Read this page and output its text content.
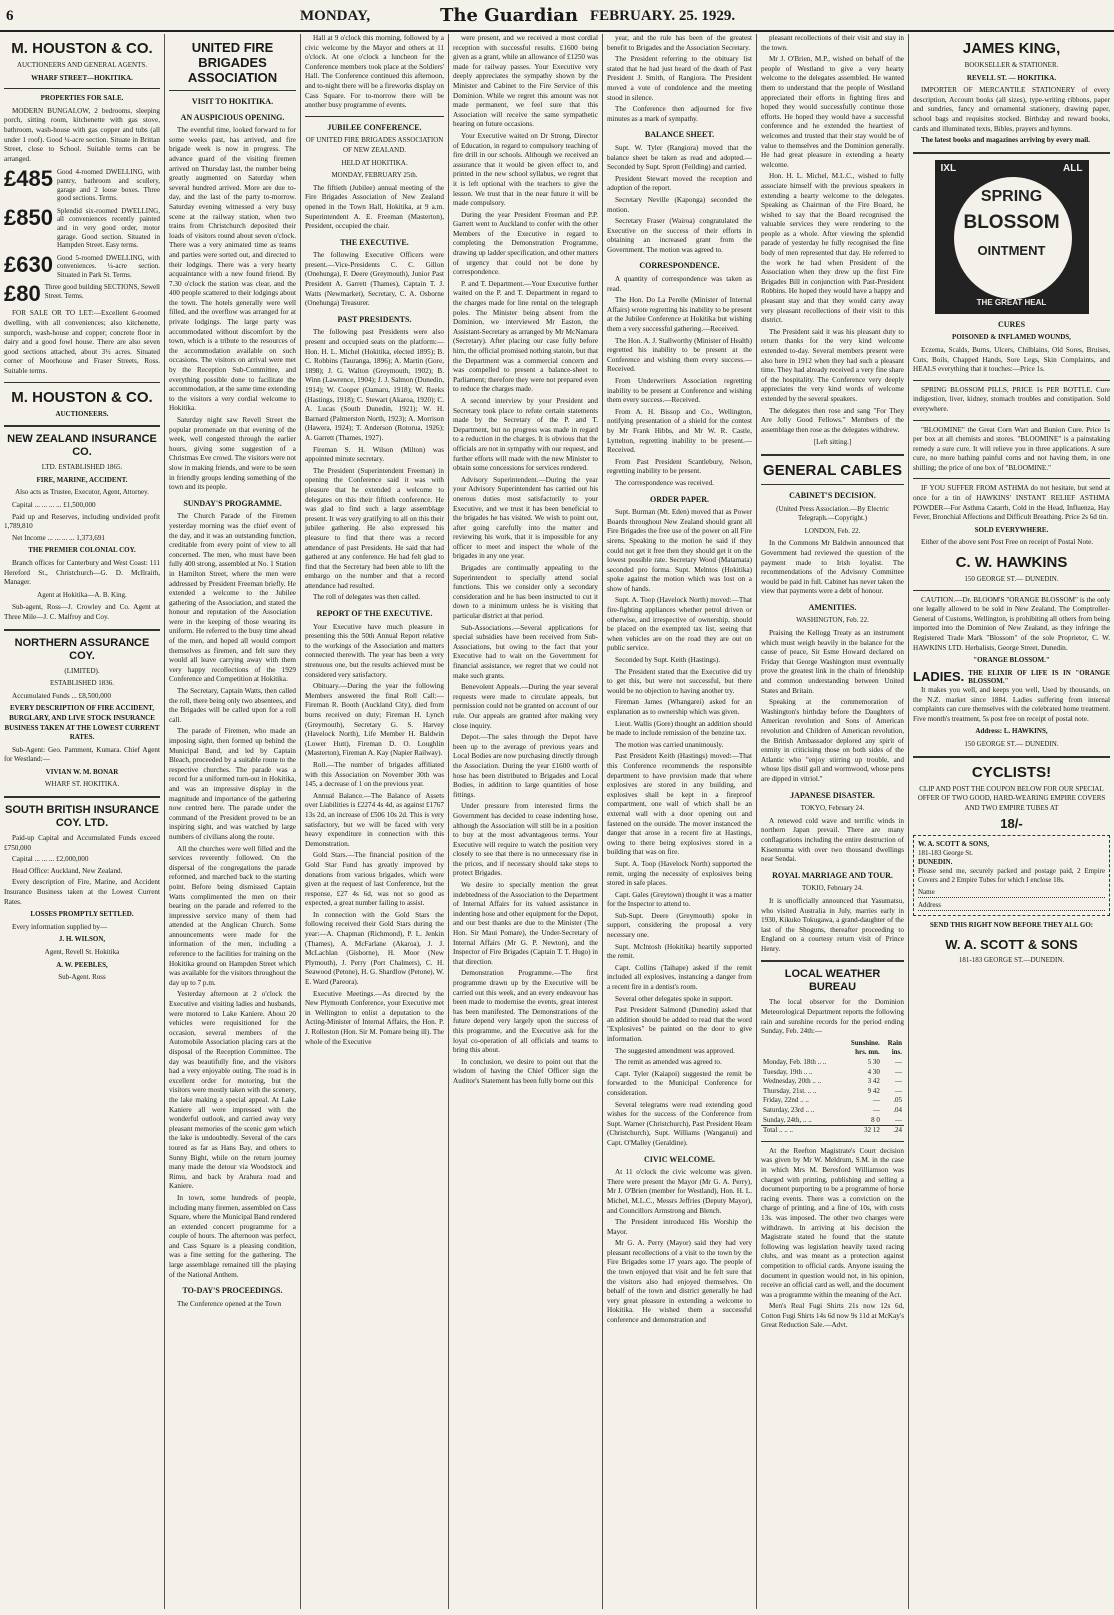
6	MONDAY,	The Guardian FEBRUARY. 25. 1929.
M. HOUSTON & CO.
AUCTIONEERS AND GENERAL AGENTS.
WHARF STREET—HOKITIKA.
PROPERTIES FOR SALE.

MODERN BUNGALOW, 2 bedrooms, sleeping porch, sitting room, kitchenette with gas stove, bathroom, wash-house with gas copper and tubs (all under 1 roof). Good ¼-acre section. Situate in Brittan Street, close to School. Suitable terms can be arranged.

£485 Good 4-roomed DWELLING, with pantry, bathroom and scullery, garage and 2 loose boxes. Three good sections. Terms.
£850 Splendid six-roomed DWELLING, all conveniences recently painted and in very good order, motor garage. Good section. Situated in Hampden Street. Easy terms.
£630 Good 5-roomed DWELLING, with conveniences. ¼-acre section. Situated in Park St. Terms.
£80 Three good building SECTIONS, Sewell Street. Terms.

FOR SALE OR TO LET:—Excellent 6-roomed dwelling, with all conveniences; also kitchenette, sunporch, wash-house and copper; concrete floor in dairy and a good fowl house. There are also seven good sections attached, about 3½ acres. Situated corner of Moorhouse and Fraser Streets, Ross. Suitable terms.

M. HOUSTON & CO.
AUCTIONEERS.
NEW ZEALAND INSURANCE CO.
LTD. ESTABLISHED 1865.
FIRE, MARINE, ACCIDENT.
Also acts as Trustee, Executor, Agent, Attorney.

Capital ... ... ... ... £1,500,000

Paid up and Reserves, including undivided profit 1,789,810

Net Income ... ... ... ... 1,373,691

THE PREMIER COLONIAL COY.

Branch offices for Canterbury and West Coast: 111 Hereford St., Christchurch—G. D. McIlraith, Manager.

Agent at Hokitika—A. B. King.

Sub-agent, Ross—J. Crowley and Co. Agent at Three Mile—J. C. Malfroy and Coy.

NORTHERN ASSURANCE COY.
(LIMITED).
ESTABLISHED 1836.

Accumulated Funds ... £8,500,000

EVERY DESCRIPTION OF FIRE ACCIDENT, BURGLARY, AND LIVE STOCK INSURANCE BUSINESS TAKEN AT THE LOWEST CURRENT RATES.

Sub-Agent: Geo. Pamment, Kumara. Chief Agent for Westland:—

VIVIAN W. M. BONAR
WHARF ST. HOKITIKA.
SOUTH BRITISH INSURANCE COY. LTD.

Paid-up Capital and Accumulated Funds exceed £750,000

Capital ... ... ... £2,000,000

Head Office: Auckland, New Zealand.

Every description of Fire, Marine, and Accident Insurance Business taken at the Lowest Current Rates.

LOSSES PROMPTLY SETTLED.

Every information supplied by—

J. H. WILSON,
Agent, Revell St. Hokitika
A. W. PEEBLES,
Sub-Agent. Ross
UNITED FIRE BRIGADES ASSOCIATION
VISIT TO HOKITIKA.
AN AUSPICIOUS OPENING.

The eventful time, looked forward to for some weeks past, has arrived, and fire brigade week is now in progress. The advance guard of the visiting firemen arrived on Thursday last, the number being greatly augmented on Saturday when several hundred arrived. More are due to-day, and the last of the party to-morrow. Saturday evening witnessed a very busy scene at the railway station, when two trains from Christchurch deposited their loads of visitors round about seven o'clock. There was a very animated time as teams and parties were sorted out, and directed to their lodgings. There was a very hearty acquaintance with a new found friend. By 7.30 o'clock the station was clear, and the 400 people scattered to their lodgings about the town. The hotels generally were well filled, and the overflow was arranged for at private lodgings. The large party was accommodated without discomfort by the town, which is a tribute to the resources of the accommodation available on such occasions. The visitors on arrival were met by the Reception Sub-Committee, and everything possible done to facilitate the accommodation, at the same time extending to the visitors a very cordial welcome to Hokitika.

Saturday night saw Revell Street the popular promenade on that evening of the week, well congested through the earlier hours, giving some suggestion of a Christmas Eve crowd. The visitors were not slow in making friends, and were to be seen in friendly groups lending something of the town and its people.

SUNDAY'S PROGRAMME.

The Church Parade of the Firemen yesterday morning was the chief event of the day, and it was an outstanding function, creditable from every point of view to all concerned. The men, who must have been fully 400 strong, assembled at No. 1 Station in Hamilton Street, where the men were addressed by President Freeman briefly. He extended a welcome to the Jubilee gathering of the Association, and stated the honour and reputation of the Association were in the keeping of those wearing its uniform. He referred to the busy time ahead of the men, and hoped all would comport themselves as firemen, and felt sure they would all leave carrying away with them very happy recollections of the 1929 Conference and Competition at Hokitika.

The Secretary, Captain Watts, then called the roll, there being only two absentees, and the Brigades will be called upon for a roll call.

The parade of Firemen, who made an imposing sight, then formed up behind the Municipal Band, and led by Captain Bleach, proceeded by a suitable route to the respective churches. The parade was a record for a uniformed turn-out in Hokitika, and was an impressive display in the magnitude and importance of the gathering now centred here. The parade under the command of the President proved to be an inspiring sight, and was watched by large numbers of civilians along the route.

All the churches were well filled and the services reverently followed. On the dispersal of the congregations the parade reformed, and marched back to the starting point. Before being dismissed Captain Watts complimented the men on their bearing on the parade and referred to the impressive service many of them had attended at the Anglican Church. Some announcements were made for the information of the men, including a reference to the facilities for training on the Hokitika ground on Hampden Street which was available for the visitors throughout the day up to 7 p.m.

Yesterday afternoon at 2 o'clock the Executive and visiting ladies and husbands, were motored to Lake Kaniere. About 20 vehicles were requisitioned for the occasion, several members of the Automobile Association placing cars at the disposal of the Reception Committee. The day was beautifully fine, and the visitors had a very enjoyable outing. The road is in excellent order for motoring, but the visitors were mostly taken with the scenery, the lake making a special appeal. At Lake Kaniere all were impressed with the wonderful outlook, and carried away very pleasant memories of the scenic gem which the lake is undoubtedly. Several of the cars toured as far as Hans Bay, and others to Sunny Bight, while on the return journey many made the detour via Woodstock and Rimu, and back by Arahura road and Kaniere.

In town, some hundreds of people, including many firemen, assembled on Cass Square, where the Municipal Band rendered an extended concert programme for a couple of hours. The afternoon was perfect, and Cass Square is a pleasing condition, was a fine setting for the gathering. The large assemblage remained till the playing of the National Anthem.

TO-DAY'S PROCEEDINGS.

The Conference opened at the Town

Hall at 9 o'clock this morning, followed by a civic welcome by the Mayor and others at 11 o'clock. At one o'clock a luncheon for the Conference members took place at the Soldiers' Hall. The Conference continued this afternoon, and to-night there will be a fireworks display on Cass Square. For to-morrow there will be another busy programme of events.

JUBILEE CONFERENCE.
OF UNITED FIRE BRIGADES ASSOCIATION OF NEW ZEALAND.
HELD AT HOKITIKA.
MONDAY, FEBRUARY 25th.

The fiftieth (Jubilee) annual meeting of the Fire Brigades Association of New Zealand opened in the Town Hall, Hokitika, at 9 a.m. Superintendent A. E. Freeman (Masterton), President, occupied the chair.

THE EXECUTIVE.

The following Executive Officers were present.—Vice-Presidents C. C. Gillon (Onehunga), F. Deere (Greymouth), Junior Past President A. Garrett (Thames), Captain T. J. Watts (Newmarket), Secretary, C. A. Osborne (Onehunga) Treasurer.

PAST PRESIDENTS.

The following past Presidents were also present and occupied seats on the platform:—Hon. H. L. Michel (Hokitika, elected 1895); B. C. Robbins (Tauranga, 1896); A. Martin (Gore, 1898); J. G. Walton (Greymouth, 1902); B. Winn (Lawrence, 1904); J. J. Salmon (Dunedin, 1914); W. Cooper (Oamaru, 1918); W. Reeks (Hastings, 1918); C. Stewart (Akaroa, 1920); C. A. Lucas (South Dunedin, 1921); W. H. Barnard (Palmerston North, 1923); A. Morrison (Hawera, 1924); T. Anderson (Rotorua, 1926); A. Garrett (Thames, 1927).

Fireman S. H. Wilson (Milton) was appointed minute secretary.

The President (Superintendent Freeman) in opening the Conference said it was with pleasure that he extended a welcome to delegates on this their fiftieth conference. He was glad to find such a large assemblage present. It was very gratifying to all on this their jubilee gathering. He also expressed his pleasure to find that there was a record attendance of past Presidents. He said that had gathered at any conference. He had felt glad to find that the Secretary had been able to lift the embargo on the number and that a record attendance had resulted.

The roll of delegates was then called.

REPORT OF THE EXECUTIVE.

Your Executive have much pleasure in presenting this the 50th Annual Report relative to the workings of the Association and matters connected therewith. The year has been a very strenuous one, but the results achieved must be considered very satisfactory.

Obituary.—During the year the following Members answered the final Roll Call:—Fireman R. Booth (Auckland City), died from burns received on duty; Fireman H. Lynch (Greymouth), Secretary G. S. Harvey (Havelock North), Life Member H. Baldwin (Lower Hutt), Fireman D. O. Loughlin (Masterton), Fireman A. Kay (Napier Railway).

Roll.—The number of brigades affiliated with this Association on November 30th was 145, a decrease of 1 on the previous year.

Annual Balance.—The Balance of Assets over Liabilities is £2274 4s 4d, as against £1767 13s 2d, an increase of £506 10s 2d. This is very satisfactory, but we will be faced with very heavy expenditure in connection with this Demonstration.

Gold Stars.—The financial position of the Gold Star Fund has greatly improved by donations from various brigades, which were given at the request of last Conference, but the response, £27 4s 6d, was not so good as expected, a great number failing to assist.

In connection with the Gold Stars the following received their Gold Stars during the year:—A. Chapman (Richmond), P. L. Jenkin (Thames), A. McFarlane (Akaroa), J. J. McLachlan (Gisborne), H. Moor (New Plymouth), J. Perry (Port Chalmers), C. H. Seawood (Petone), H. G. Shardlow (Petone), W. E. Ward (Pareora).

Executive Meetings.—As directed by the New Plymouth Conference, your Executive met in Wellington to enlist a deputation to the Acting-Minister of Internal Affairs, the Hon. P. J. Rolleston (Hon. Sir M. Pomare being ill). The whole of the Executive

were present, and we received a most cordial reception with successful results. £1600 being given as a grant, while an allowance of £1250 was made for railway passes. Your Executive very deeply appreciates the sympathy shown by the Minister and Cabinet to the Fire Service of this Dominion. While we regret this amount was not made permanent, we feel sure that this Association will receive the same sympathetic hearing on future occasions.

Your Executive waited on Dr Strong, Director of Education, in regard to compulsory teaching of fire drill in our schools. Although we received an assurance that it would be given effect to, and printed in the new school syllabus, we regret that it is left optional with the teachers to give the lesson. We trust that in the near future it will be made compulsory.

During the year President Freeman and P.P. Garrett went to Auckland to confer with the other Members of the Executive in regard to completing the Demonstration Programme, drawing up ladder specification, and other matters of urgency that could not be done by correspondence.

P. and T. Department.—Your Executive further waited on the P. and T. Department in regard to the charges made for line rental on the telegraph poles. The Minister being absent from the Dominion, we interviewed Mr Easton, the Assistant-Secretary as arranged by Mr McNamara (Secretary). After placing our case fully before him, the official promised nothing statoin, but that the Department was a commercial concern and was compelled to present a balance-sheet to Parliament; therefore they were not prepared even to reduce the charges made.

A second interview by your President and Secretary took place to refute certain statements made by the Secretary of the P. and T. Department, but no progress was made in regard to a reduction in the charges. It is obvious that the officials are not in sympathy with our request, and further efforts will made with the new Minister to obtain some concessions for services rendered.

Advisory Superintendent.—During the year your Advisory Superintendent has carried out his onerous duties most satisfactorily to your Executive, and we trust it has been beneficial to the brigades he has visited. We wish to point out, after going carefully into the matter and reviewing his work, that it is impossible for any officer to meet and inspect the whole of the brigades in any one year.

Brigades are continually appealing to the Superintendent to specially attend social functions. This we consider only a secondary consideration and he has been instructed to cut it down to a minimum unless he is visiting that particular district at that period.

Sub-Associations.—Several applications for special subsidies have been received from Sub-Associations, but owing to the fact that your Executive had to wait on the Government for financial assistance, we regret that we could not make such grants.

Benevolent Appeals.—During the year several requests were made to circulate appeals, but permission could not be granted on account of our rule. Our appeals are granted after making very close inquiry.

Depot.—The sales through the Depot have been up to the average of previous years and Local Bodies are now purchasing directly through the Association. During the year £1600 worth of hose has been distributed to Brigades and Local Bodies, in addition to large quantities of hose fittings.

Under pressure from interested firms the Government has decided to cease indenting hose, although the Association will still be in a position to buy at the most advantageous terms. Your Executive will require to watch the position very closely to see that there is no unnecessary rise in the prices, and if necessary should take steps to protect Brigades.

We desire to specially mention the great indebtedness of the Association to the Department of Internal Affairs for its valued assistance in indenting hose and other equipment for the Depot, and our best thanks are due to the Minister (The Hon. Sir Maui Pomare), the Under-Secretary of Internal Affairs (Mr G. P. Newton), and the Inspector of Fire Brigades (Captain T. T. Hugo) in that direction.

Demonstration Programme.—The first programme drawn up by the Executive will be carried out this week, and an every endeavour has been made to modernise the events, great interest has been manifested. The Demonstrations of the future depend very largely upon the success of this programme, and the Executive ask for the loyal co-operation of all officials and teams to bring this about.

In conclusion, we desire to point out that the wisdom of having the Chief Officer sign the Auditor's Statement has been fully borne out this

year, and the rule has been of the greatest benefit to Brigades and the Association Secretary.

The President referring to the obituary list stated that he had just heard of the death of Past President J. Smith, of Rangiora. The President moved a vote of condolence and the meeting stood in silence.

The Conference then adjourned for five minutes as a mark of sympathy.

BALANCE SHEET.

Supt. W. Tyler (Rangiora) moved that the balance sheet be taken as read and adopted.—Seconded by Supt. Sprott (Feilding) and carried.

President Stewart moved the reception and adoption of the report.

Secretary Neville (Kaponga) seconded the motion.

Secretary Fraser (Wairoa) congratulated the Executive on the success of their efforts in obtaining an increased grant from the Government. The motion was agreed to.

CORRESPONDENCE.

A quantity of correspondence was taken as read.

The Hon. Do La Perelle (Minister of Internal Affairs) wrote regretting his inability to be present at the Jubilee Conference at Hokitika but wishing them a very successful gathering.—Received.

The Hon. A. J. Stallworthy (Minister of Health) regretted his inability to be present at the Conference and wishing them every success.—Received.

From Underwriters Association regretting inability to be present at Conference and wishing them every success.—Received.

From A. H. Bissop and Co., Wellington, notifying presentation of a shield for the contest by Mr Frank Hibbs, and Mr W. R. Castle, Lyttelton, regretting inability to be present.—Received.

From Past President Scantlebury, Nelson, regretting inability to be present.

The correspondence was received.

ORDER PAPER.

Supt. Burman (Mt. Eden) moved that as Power Boards throughout New Zealand should grant all Fire Brigades the free use of the power on all Fire sirens. Speaking to the motion he said if they could not get it free then they should get it on the lowest possible rate. Secretary Wood (Matamata) seconded pro forma. Supt. Melntos (Hokitika) spoke against the motion which was lost on a show of hands.

Supt. A. Toop (Havelock North) moved:—That fire-fighting appliances whether petrol driven or otherwise, and irrespective of ownership, should be placed on the exempted tax list, seeing that when vehicles are on the road they are out on public service.

Seconded by Supt. Keith (Hastings).

The President stated that the Executive did try to get this, but were not successful, but there would be no objection to having another try.

Fireman James (Whangarei) asked for an explanation as to ownership which was given.

Lieut. Wallis (Gore) thought an addition should be made to include remission of the benzine tax.

The motion was carried unanimously.

Past President Keith (Hastings) moved:—That this Conference recommends the responsible department to have provision made that where explosives are stored in any building, and explosives shall be kept in a fireproof compartment, one wall of which shall be an external wall with a door opening out and fastened on the outside. The mover instanced the danger that arose in a recent fire at Hastings, owing to there being explosives stored in a building that was on fire.

Supt. A. Toop (Havelock North) supported the remit, urging the necessity of explosives being stored in safe places.

Capt. Gales (Greytown) thought it was a matter for the Inspector to attend to.

Sub-Supt. Deere (Greymouth) spoke in support, considering the proposal a very necessary one.

Supt. McIntosh (Hokitika) heartily supported the remit.

Capt. Collins (Taihape) asked if the remit included all explosives, instancing a danger from a recent fire in a dentist's room.

Several other delegates spoke in support.

Past President Salmond (Dunedin) asked that an addition should be added to read that the word "Explosives" be painted on the door to give information.

The suggested amendment was approved.

The remit as amended was agreed to.

Capt. Tyler (Kaiapoi) suggested the remit be forwarded to the Municipal Conference for consideration.

Several telegrams were read extending good wishes for the success of the Conference from Supt. Warner (Christchurch), Past President Heam (Christchurch), Supt. Williams (Wanganui) and Capt. O'Malley (Geraldine).

CIVIC WELCOME.

At 11 o'clock the civic welcome was given. There were present the Mayor (Mr G. A. Perry), Mr J. O'Brien (member for Westland), Hon. H. L. Michel, M.L.C., Messrs Jeffries (Deputy Mayor), and Councillors Armstrong and Blench.

The President introduced His Worship the Mayor.

Mr G. A. Perry (Mayor) said they had very pleasant recollections of a visit to the town by the Fire Brigades some 17 years ago. The people of the town enjoyed that visit and he felt sure that the visitors also had enjoyed themselves. On behalf of the town and district generally he had very great pleasure in extending a welcome to Hokitika. He wished them a successful conference and demonstration and

pleasant recollections of their visit and stay in the town.

Mr J. O'Brien, M.P., wished on behalf of the people of Westland to give a very hearty welcome to the delegates assembled. He wanted them to understand that the people of Westland appreciated their efforts in fighting fires and hoped they would successfully continue those efforts. He hoped they would have a successful conference and he extended the heartiest of welcomes and trusted that their stay would be of value to themselves and the Dominion generally. He had great pleasure in extending a hearty welcome.

Hon. H. L. Michel, M.L.C., wished to fully associate himself with the previous speakers in extending a hearty welcome to the delegates. Speaking as Chairman of the Fire Board, he wished to say that the Board recognised the valuable services they were rendering to the people as a whole. After viewing the splendid parade of yesterday he fully recognised the fine body of men represented that day. He referred to the work he had when President of the Association when they drew up the first Fire Brigades Bill in conjunction with Past-President Robbins. He hoped they would have a happy and pleasant stay and that they would carry away very pleasant recollections of their visit to this district.

The President said it was his pleasant duty to return thanks for the very kind welcome extended to-day. Several members present were also here in 1912 when they had such a pleasant time. They had already received a very fine share of the hospitality. The Conference very deeply appreciates the very kind words of welcome extended by the several speakers.

The delegates then rose and sang "For They Are Jolly Good Fellows." Members of the assemblage then rose as the delegates withdrew.

[Left sitting.]
GENERAL CABLES
CABINET'S DECISION.
(United Press Association.—By Electric Telegraph.—Copyright.)
LONDON, Feb. 22.

In the Commons Mr Baldwin announced that Government had reviewed the question of the payment made to Irish loyalist. The recommendations of the Advisory Committee would be paid in full. Cabinet has never taken the view that payments were a debt of honour.

AMENITIES.
WASHINGTON, Feb. 22.

Praising the Kellogg Treaty as an instrument which must weigh heavily in the balance for the cause of peace, Sir Esme Howard declared on Friday that George Washington must eventually prove the greatest link in the chain of friendship and common understanding between United States and Britain.

Speaking at the commemoration of Washington's birthday before the Daughters of American revolution and Sons of American revolution and Children of American revolution, the British Ambassador deplored any spirit of enmity in criticising those on both sides of the Atlantic who "enjoy stirring up trouble, and whose lips distil gall and wormwood, whose pens are dipped in vitriol."

JAPANESE DISASTER.
TOKYO, February 24.

A renewed cold wave and terrific winds in northern Japan prevail. There are many conflagrations including the entire destruction of Kisennuma with over two thousand dwellings near Sendai.

ROYAL MARRIAGE AND TOUR.
TOKIO, February 24.

It is unofficially announced that Yasumatsu, who visited Australia in July, marries early in 1930, Kikuko Tokugawa, a grand-daughter of the last of the Shoguns, thereafter proceeding to England on a courtesy return visit of Prince Henry.

LOCAL WEATHER BUREAU

The local observer for the Dominion Meteorological Department reports the following rain and sunshine records for the period ending Sunday, Feb. 24th:—

	Sunshine.	Rain
	hrs. mn.	ins.
Monday, Feb. 18th .. ..	5 30	—
Tuesday, 19th .. ..	4 30	—
Wednesday, 20th .. ..	3 42	—
Thursday, 21st. .. ..	9 42	—
Friday, 22nd .. ..	—	.05
Saturday, 23rd .. ..	—	.04
Sunday, 24th, .. ..	8 0	—
Total .. .. ..	32 12	.24

At the Reefton Magistrate's Court decision was given by Mr W. Meldrum, S.M. in the case in which Mrs M. Beresford Williamson was charged with printing, publishing and selling a document purporting to be a programme of horse racing events. There was a conviction on the charge of printing, and a fine of 10s, with costs 13s. was imposed. The other two charges were withdrawn. In arriving at his decision the Magistrate stated he found that the statute following was legislation heavily taxed racing clubs, and was meant as a protection against competition to official cards. Anyone issuing the document in question would not, in his opinion, receive an official card as well, and the document was a programme within the meaning of the Act.

Men's Real Fugi Shirts 21s now 12s 6d, Cotton Fugi Shirts 14s 6d now 9s 11d at McKay's Great Reduction Sale.—Advt.

JAMES KING,
BOOKSELLER & STATIONER.
REVELL ST. — HOKITIKA.

IMPORTER OF MERCANTILE STATIONERY of every description, Account books (all sizes), type-writing ribbons, paper and sundries, fancy and ornamental stationery, drawing paper, school bags and requisites stocked. Birthday and reward books, cards and illuminated texts, Bibles, prayers and hymns.

The latest books and magazines arriving by every mail.

IXL	ALL
SPRING
BLOSSOM
OINTMENT
THE GREAT HEAL
CURES
POISONED & INFLAMED WOUNDS,

Eczema, Scalds, Burns, Ulcers, Chilblains, Old Sores, Bruises, Cuts, Boils, Chapped Hands, Sore Legs, Skin Complaints, and HEALS everything that it touches:—Price 1s.

SPRING BLOSSOM PILLS, PRICE 1s PER BOTTLE. Cure indigestion, liver, kidney, stomach troubles and constipation. Sold everywhere.

"BLOOMINE" the Great Corn Wart and Bunion Cure. Price 1s per box at all chemists and stores. "BLOOMINE" is a painstaking remedy a sure cure. It will relieve you in three applications. A sure cure, no more bathing painful corns and not having them, in one shilling; the price of one box of "BLOOMINE."

IF YOU SUFFER FROM ASTHMA do not hesitate, but send at once for a tin of HAWKINS' INSTANT RELIEF ASTHMA POWDER—For Asthma Catarrh, Cold in the Head, Influenza, Hay Fever, Bronchial Affections and Difficult Breathing. Price 2s 6d tin.

SOLD EVERYWHERE.

Either of the above sent Post Free on receipt of Postal Note.

C. W. HAWKINS
150 GEORGE ST.— DUNEDIN.

CAUTION.—Dr. BLOOM'S "ORANGE BLOSSOM" is the only one legally allowed to be sold in New Zealand. The Comptroller-General of Customs, Wellington, is prohibiting all others from being imported into the Dominion of New Zealand, as they infringe the Registered Trade Mark "Blossom" of the sole Proprietor, C. W. HAWKINS LTD. Herbalists, George Street, Dunedin.

"ORANGE BLOSSOM."
LADIES. THE ELIXIR OF LIFE IS IN "ORANGE BLOSSOM."

It makes you well, and keeps you well, Used by thousands, on the N.Z. market since 1884. Ladies suffering from internal complaints can cure themselves with the celebrated home treatment. Five month's treatment, 5s post free on receipt of postal note.

Address: L. HAWKINS,
150 GEORGE ST.— DUNEDIN.
CYCLISTS!
CLIP AND POST THE COUPON BELOW FOR OUR SPECIAL OFFER OF TWO GOOD, HARD-WEARING EMPIRE COVERS AND TWO EMPIRE TUBES AT
18/-
W. A. SCOTT & SONS,
181-183 George St.
DUNEDIN.
Please send me, securely packed and postage paid, 2 Empire Covers and 2 Empire Tubes for which I enclose 18s.
Name
Address
SEND THIS RIGHT NOW BEFORE THEY ALL GO:
W. A. SCOTT & SONS
181-183 GEORGE ST.—DUNEDIN.
